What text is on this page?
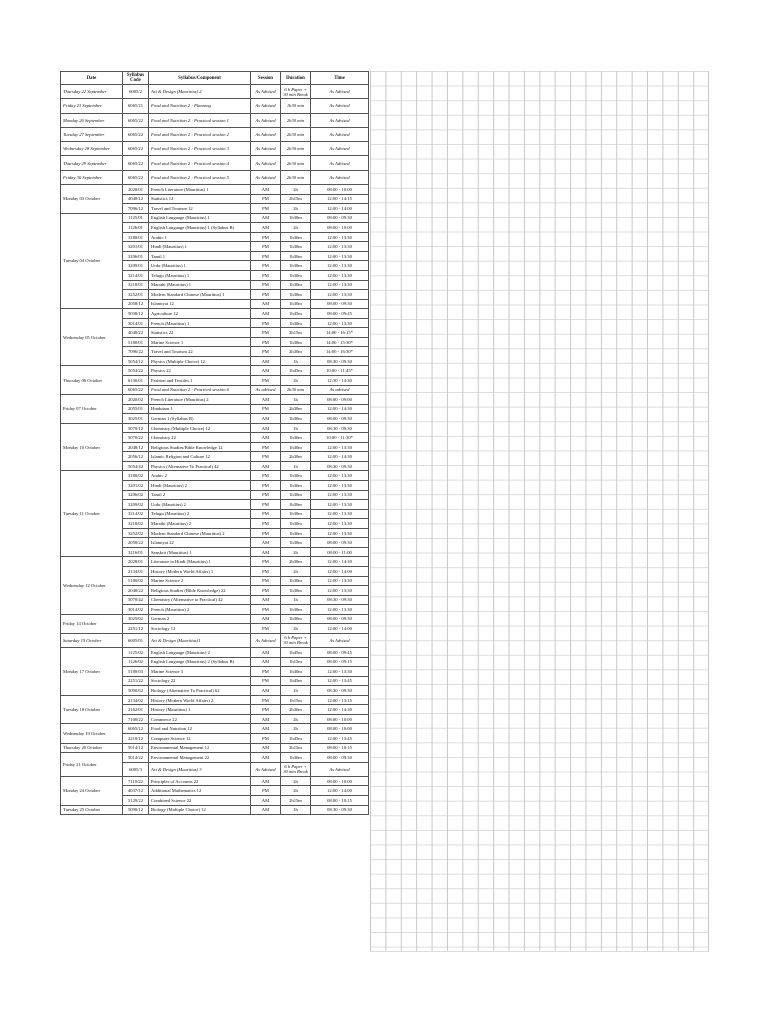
Date	Syllabus Code	Syllabus/Component	Session	Duration	Time
Thursday 22 September	6005/2	Art & Design (Mauritius) 2	As Advised	6 h Paper + 30 min Break	As Advised
Friday 23 September	6065/21	Food and Nutrition 2 : Planning	As Advised	1h30 min	As Advised
Monday 26 September	6065/22	Food and Nutrition 2 : Practical session 1	As Advised	2h30 min	As Advised
Tuesday 27 September	6065/22	Food and Nutrition 2 : Practical session 2	As Advised	2h30 min	As Advised
Wednesday 28 September	6065/22	Food and Nutrition 2 : Practical session 3	As Advised	2h30 min	As Advised
Thursday 29 September	6065/22	Food and Nutrition 2 : Practical session 4	As Advised	2h30 min	As Advised
Friday 30 September	6065/22	Food and Nutrition 2 : Practical session 5	As Advised	2h30 min	As Advised
Monday 03 October	2020/01	French Literature (Mauritius) 1	AM	2h	08:00 - 10:00
	4040/12	Statistics 12	PM	2h15m	12:00 - 14:15
	7096/12	Travel and Tourism 12	PM	2h	12:00 - 14:00
Tuesday 04 October	1125/01	English Language (Mauritius) 1	AM	1h30m	08:00 - 09:30
	1126/01	English Language (Mauritius) 1 (Syllabus B)	AM	2h	08:00 - 10:00
	3180/01	Arabic 1	PM	1h30m	12:00 - 13:30
	3201/01	Hindi (Mauritius) 1	PM	1h30m	12:00 - 13:30
	3206/01	Tamil 1	PM	1h30m	12:00 - 13:30
	3209/01	Urdu (Mauritius) 1	PM	1h30m	12:00 - 13:30
	3214/01	Telugu (Mauritius) 1	PM	1h30m	12:00 - 13:30
	3218/01	Marathi (Mauritius) 1	PM	1h30m	12:00 - 13:30
	3252/01	Modern Standard Chinese (Mauritius) 1	PM	1h30m	12:00 - 13:30
	2058/12	Islamiyat 12	AM	1h30m	08:00 - 09:30
Wednesday 05 October	5038/12	Agriculture 12	AM	1h45m	08:00 - 09:45
	3014/01	French (Mauritius) 1	PM	1h30m	12:00 - 13:30
	4040/22	Statistics 22	PM	2h15m	14:00 - 16:15*
	5180/01	Marine Science 1	PM	1h30m	14:00 - 15:30*
	7096/22	Travel and Tourism 22	PM	2h30m	14:00 - 16:30*
	5054/12	Physics (Multiple Choice) 12	AM	1h	08:30 - 09:30
Thursday 06 October	5054/22	Physics 22	AM	1h45m	10:00 - 11:45*
	6130/01	Fashion and Textiles 1	PM	2h	12:30 - 14:30
	6065/22	Food and Nutrition 2 : Practical session 6	As advised	2h30 min	As advised
Friday 07 October	2020/02	French Literature (Mauritius) 2	AM	1h	08:00 - 09:00
	2055/01	Hinduism 1	PM	2h30m	12:00 - 14:30
	3025/01	German 1 (Syllabus B)	AM	1h30m	08:00 - 09:30
Monday 10 October	5070/12	Chemistry (Multiple Choice) 12	AM	1h	08:30 - 09:30
	5070/22	Chemistry 22	AM	1h30m	10:00 - 11:30*
	2048/12	Religious Studies/Bible Knowledge 12	PM	1h30m	12:00 - 13:30
	2056/12	Islamic Religion and Culture 12	PM	2h30m	12:00 - 14:30
	5054/42	Physics (Alternative To Practical) 42	AM	1h	08:30 - 09:30
Tuesday 11 October	3180/02	Arabic 2	PM	1h30m	12:00 - 13:30
	3201/02	Hindi (Mauritius) 2	PM	1h30m	12:00 - 13:30
	3206/02	Tamil 2	PM	1h30m	12:00 - 13:30
	3209/02	Urdu (Mauritius) 2	PM	1h30m	12:00 - 13:30
	3214/02	Telugu (Mauritius) 2	PM	1h30m	12:00 - 13:30
	3218/02	Marathi (Mauritius) 2	PM	1h30m	12:00 - 13:30
	3252/02	Modern Standard Chinese (Mauritius) 2	PM	1h30m	12:00 - 13:30
	2058/22	Islamiyat 22	AM	1h30m	08:00 - 09:30
	3216/01	Sanskrit (Mauritius) 1	AM	2h	08:00 - 11:00
Wednesday 12 October	2028/01	Literature in Hindi (Mauritius) 1	PM	2h30m	12:00 - 14:30
	2134/01	History (Modern World Affairs) 1	PM	2h	12:00 - 14:00
	5180/02	Marine Science 2	PM	1h30m	12:00 - 13:30
	2048/22	Religious Studies (Bible Knowledge) 22	PM	1h30m	12:00 - 13:30
	5070/42	Chemistry (Alternative to Practical) 42	AM	1h	08:30 - 09:30
	3014/02	French (Mauritius) 2	PM	1h30m	12:00 - 13:30
Friday 14 October	3025/02	German 2	AM	1h30m	08:00 - 09:30
	2251/12	Sociology 12	PM	2h	12:00 - 14:00
Saturday 15 October	6005/01	Art & Design (Mauritius)1	As Advised	6 h Paper + 30 min Break	As Advised
Monday 17 October	1125/02	English Language (Mauritius) 2	AM	1h45m	08:00 - 09:45
	1126/02	English Language (Mauritius) 2 (Syllabus B)	AM	1h15m	08:00 - 09:15
	5180/03	Marine Science 3	PM	1h30m	12:00 - 13:30
	2251/22	Sociology 22	PM	1h45m	12:00 - 13:45
	5090/62	Biology (Alternative To Practical) 62	AM	1h	08:30 - 09:30
Tuesday 18 October	2134/02	History (Modern World Affairs) 2	PM	1h15m	12:00 - 13:15
	2162/01	History (Mauritius) 1	PM	2h30m	12:00 - 14:30
	7100/22	Commerce 22	AM	2h	08:00 - 10:00
Wednesday 19 October	6065/12	Food and Nutrition 12	AM	2h	08:00 - 10:00
	2210/12	Computer Science 12	PM	1h45m	12:00 - 13:45
Thursday 20 October	5014/12	Environmental Management 12	AM	2h15m	08:00 - 10:15
Friday 21 October	5014/22	Environmental Management 22	AM	1h30m	08:00 - 09:30
	6005/3	Art & Design (Mauritius) 3	As Advised	6 h Paper + 30 min Break	As Advised
Monday 24 October	7110/22	Principles of Accounts 22	AM	2h	08:00 - 10:00
	4037/12	Additional Mathematics 12	PM	2h	12:00 - 14:00
	5129/22	Combined Science 22	AM	2h15m	08:00 - 10:15
Tuesday 25 October	5090/12	Biology (Multiple Choice) 12	AM	1h	08:30 - 09:30
